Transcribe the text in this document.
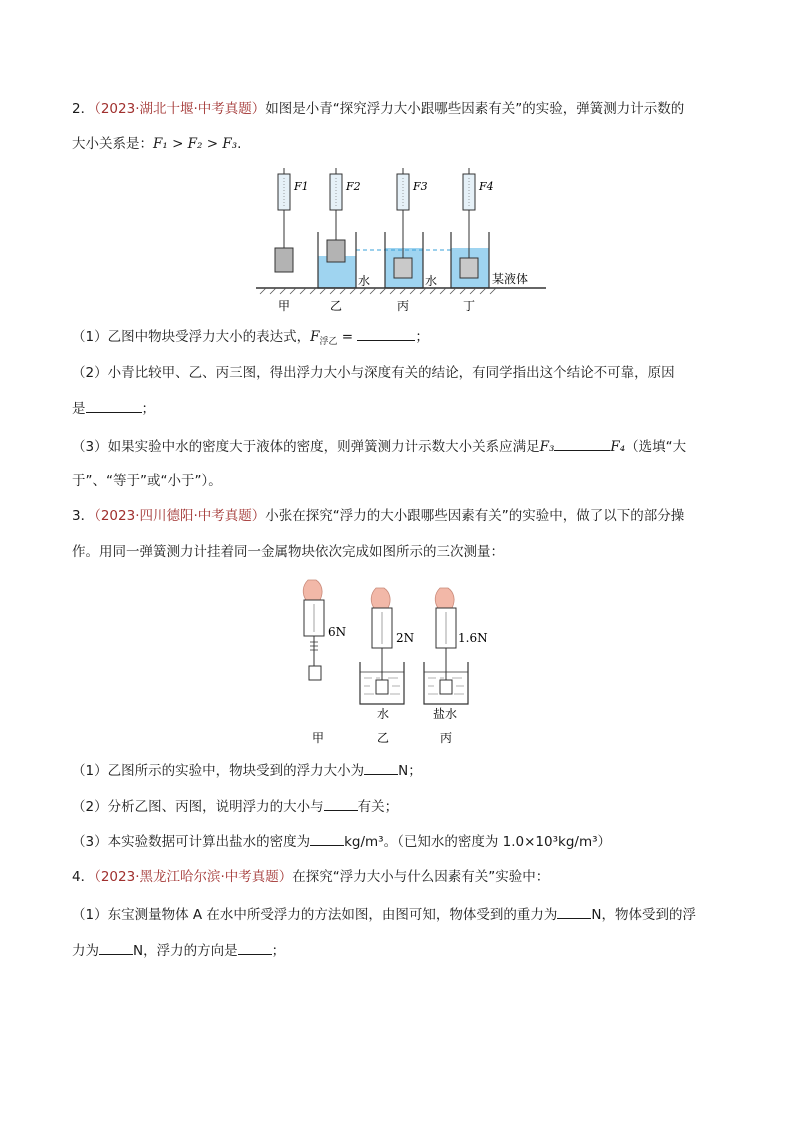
2．（2023·湖北十堰·中考真题）如图是小青“探究浮力大小跟哪些因素有关”的实验，弹簧测力计示数的
大小关系是：F₁ > F₂ > F₃.
F1	F2	F3	F4
水	水	某液体
甲	乙	丙	丁
（1）乙图中物块受浮力大小的表达式，$F_{浮乙}$ =	；
（2）小青比较甲、乙、丙三图，得出浮力大小与深度有关的结论，有同学指出这个结论不可靠，原因
是	；
（3）如果实验中水的密度大于液体的密度，则弹簧测力计示数大小关系应满足F₃	F₄（选填“大
于”、“等于”或“小于”）。
3．（2023·四川德阳·中考真题）小张在探究“浮力的大小跟哪些因素有关”的实验中，做了以下的部分操
作。用同一弹簧测力计挂着同一金属物块依次完成如图所示的三次测量：
6N	2N
水
1.6N
盐水
甲	乙	丙
（1）乙图所示的实验中，物块受到的浮力大小为	N；
（2）分析乙图、丙图，说明浮力的大小与	有关；
（3）本实验数据可计算出盐水的密度为	kg/m³。（已知水的密度为 1.0×10³kg/m³）
4．（2023·黑龙江哈尔滨·中考真题）在探究“浮力大小与什么因素有关”实验中：
（1）东宝测量物体 A 在水中所受浮力的方法如图，由图可知，物体受到的重力为	N，物体受到的浮
力为	N，浮力的方向是	；
